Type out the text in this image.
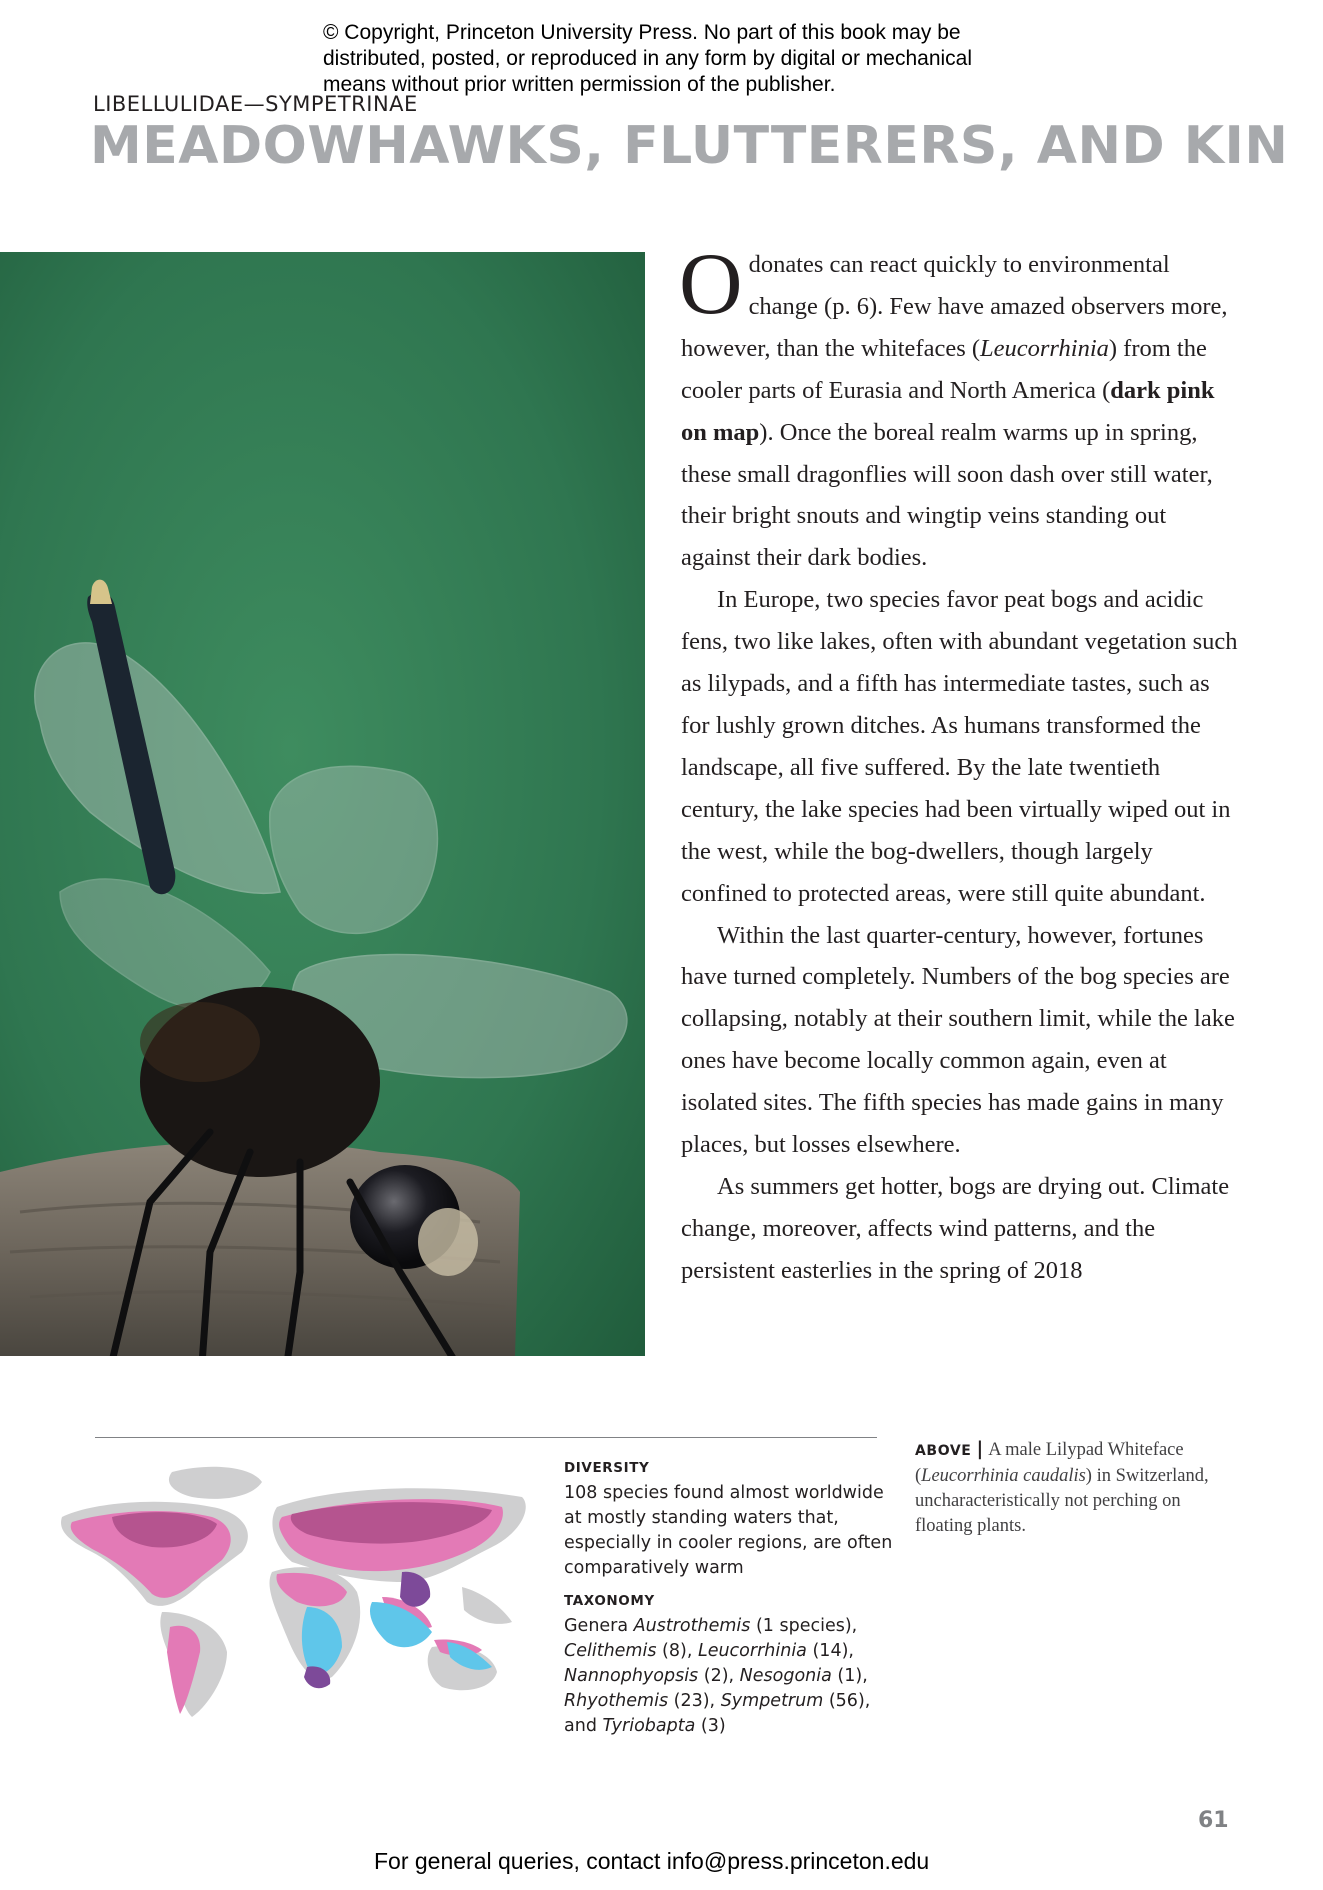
© Copyright, Princeton University Press. No part of this book may be distributed, posted, or reproduced in any form by digital or mechanical means without prior written permission of the publisher.
LIBELLULIDAE—SYMPETRINAE
MEADOWHAWKS, FLUTTERERS, AND KIN

Odonates can react quickly to environmental change (p. 6). Few have amazed observers more, however, than the whitefaces (Leucorrhinia) from the cooler parts of Eurasia and North America (dark pink on map). Once the boreal realm warms up in spring, these small dragonflies will soon dash over still water, their bright snouts and wingtip veins standing out against their dark bodies.

In Europe, two species favor peat bogs and acidic fens, two like lakes, often with abundant vegetation such as lilypads, and a fifth has intermediate tastes, such as for lushly grown ditches. As humans transformed the landscape, all five suffered. By the late twentieth century, the lake species had been virtually wiped out in the west, while the bog-dwellers, though largely confined to protected areas, were still quite abundant.

Within the last quarter-century, however, fortunes have turned completely. Numbers of the bog species are collapsing, notably at their southern limit, while the lake ones have become locally common again, even at isolated sites. The fifth species has made gains in many places, but losses elsewhere.

As summers get hotter, bogs are drying out. Climate change, moreover, affects wind patterns, and the persistent easterlies in the spring of 2018

DIVERSITY

108 species found almost worldwide at mostly standing waters that, especially in cooler regions, are often comparatively warm

TAXONOMY

Genera Austrothemis (1 species), Celithemis (8), Leucorrhinia (14), Nannophyopsis (2), Nesogonia (1), Rhyothemis (23), Sympetrum (56), and Tyriobapta (3)

ABOVE | A male Lilypad Whiteface (Leucorrhinia caudalis) in Switzerland, uncharacteristically not perching on floating plants.
61
For general queries, contact info@press.princeton.edu
